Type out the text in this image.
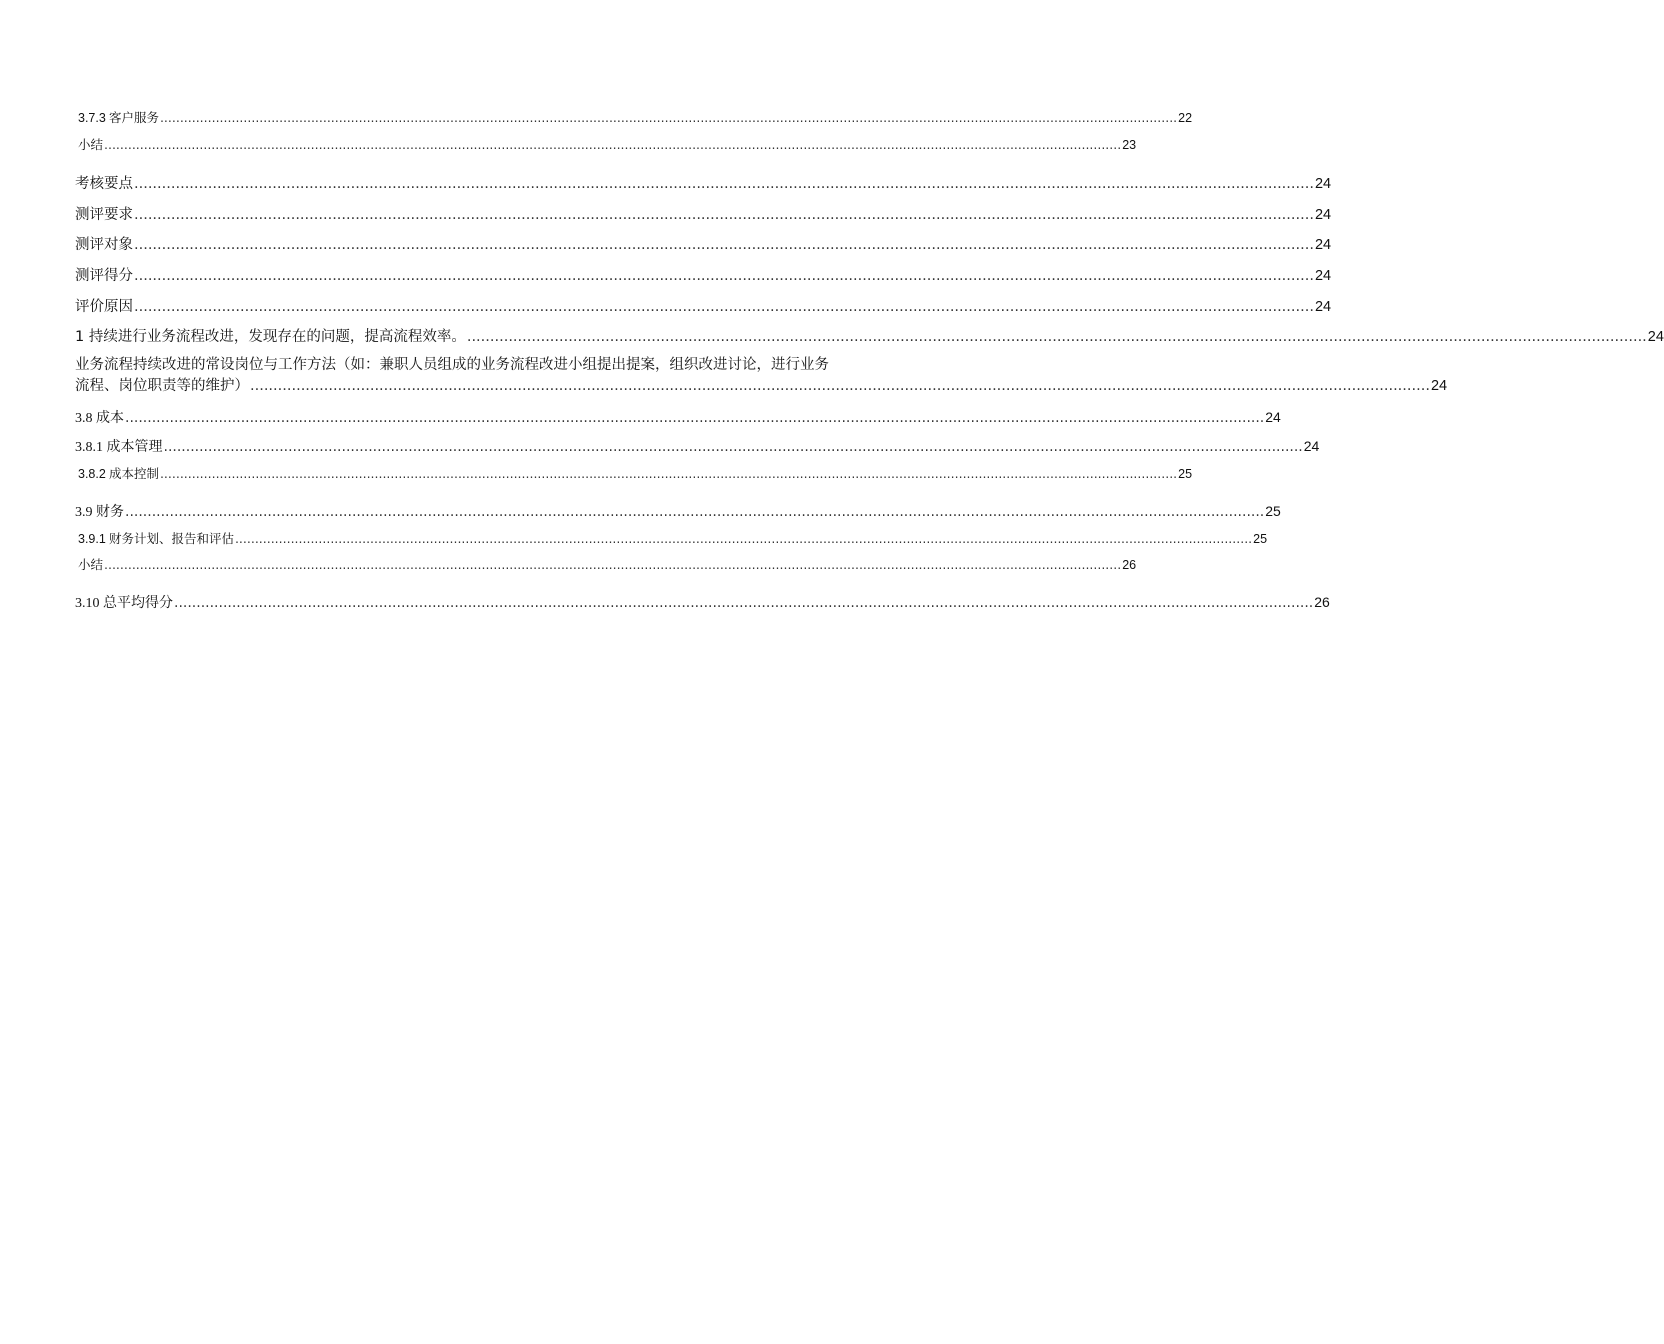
3.7.3 客户服务 ................................................................................................................................................................................................................................................................ 22
小结 ................................................................................................................................................................................................................................................................ 23
考核要点 ................................................................................................................................................................................................................................................................ 24
测评要求 ................................................................................................................................................................................................................................................................ 24
测评对象 ................................................................................................................................................................................................................................................................ 24
测评得分 ................................................................................................................................................................................................................................................................ 24
评价原因 ................................................................................................................................................................................................................................................................ 24
1 持续进行业务流程改进，发现存在的问题，提高流程效率。 ................................................................................................................................................................................................................................................................ 24
业务流程持续改进的常设岗位与工作方法（如：兼职人员组成的业务流程改进小组提出提案，组织改进讨论，进行业务
流程、岗位职责等的维护） ................................................................................................................................................................................................................................................................ 24
3.8 成本 ................................................................................................................................................................................................................................................................ 24
3.8.1 成本管理 ................................................................................................................................................................................................................................................................ 24
3.8.2 成本控制 ................................................................................................................................................................................................................................................................ 25
3.9 财务 ................................................................................................................................................................................................................................................................ 25
3.9.1 财务计划、报告和评估 ................................................................................................................................................................................................................................................................ 25
小结 ................................................................................................................................................................................................................................................................ 26
3.10 总平均得分 ................................................................................................................................................................................................................................................................ 26
